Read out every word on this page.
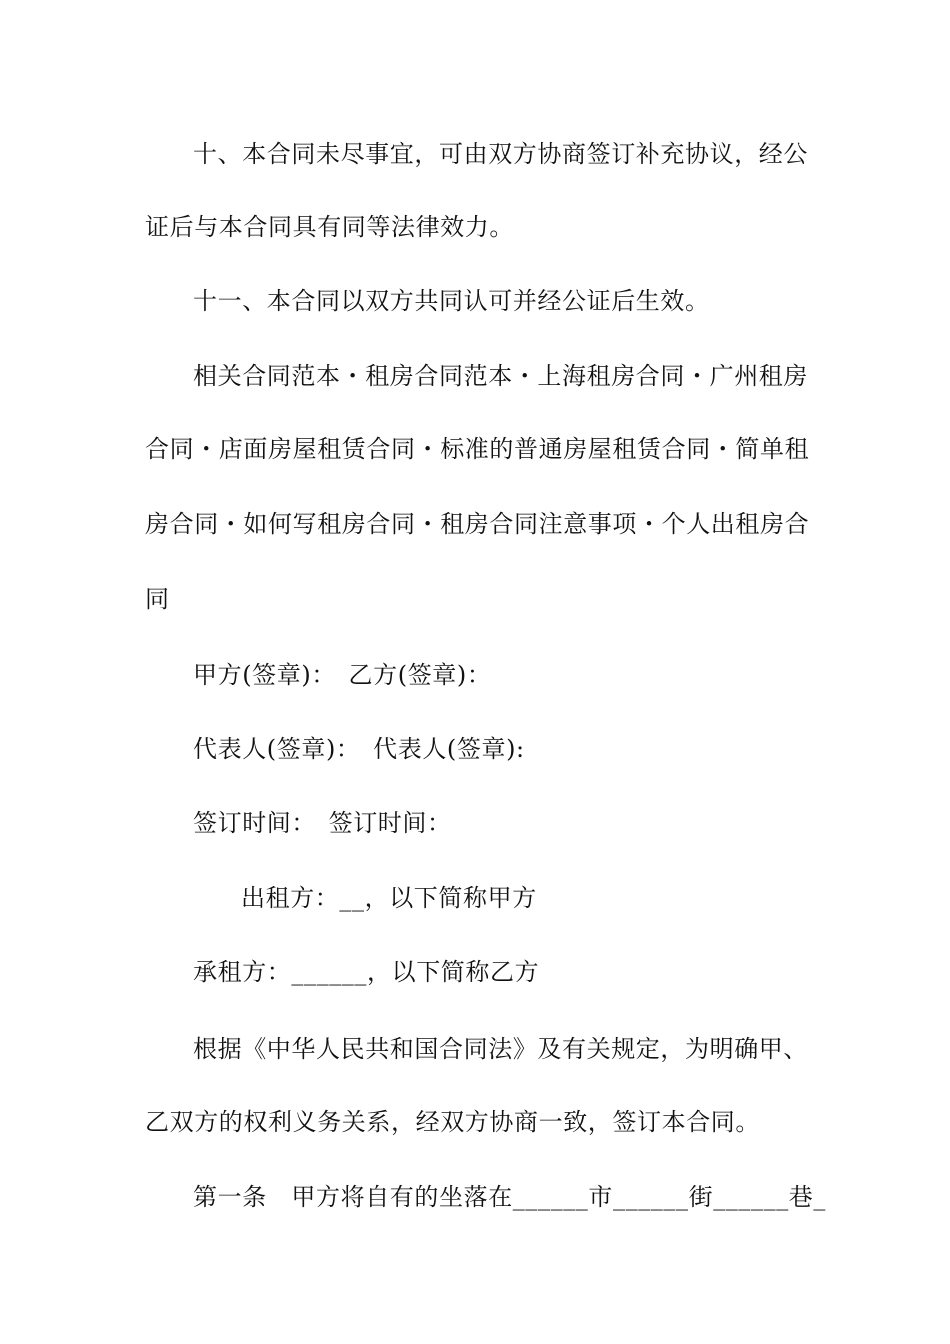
十、本合同未尽事宜，可由双方协商签订补充协议，经公
证后与本合同具有同等法律效力。
十一、本合同以双方共同认可并经公证后生效。
相关合同范本・租房合同范本・上海租房合同・广州租房
合同・店面房屋租赁合同・标准的普通房屋租赁合同・简单租
房合同・如何写租房合同・租房合同注意事项・个人出租房合
同
甲方(签章)：　乙方(签章)：
代表人(签章)：　代表人(签章):
签订时间：　签订时间：
出租方：__，以下简称甲方
承租方：______，以下简称乙方
根据《中华人民共和国合同法》及有关规定，为明确甲、
乙双方的权利义务关系，经双方协商一致，签订本合同。
第一条　甲方将自有的坐落在______市______街______巷_
